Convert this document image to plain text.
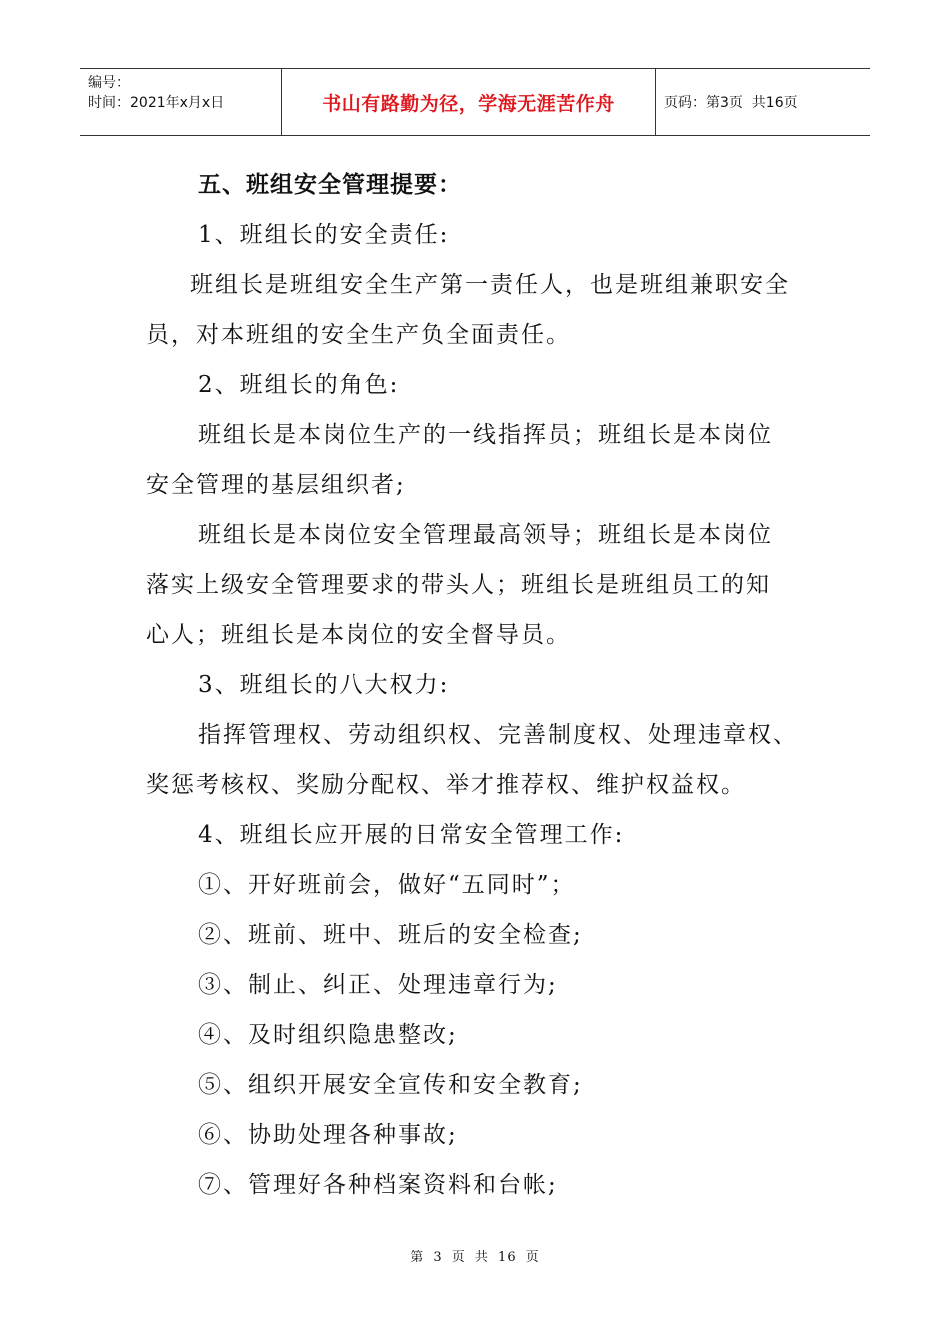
编号：
时间：2021年x月x日	书山有路勤为径，学海无涯苦作舟	页码：第3页  共16页

五、班组安全管理提要：

1、班组长的安全责任:

班组长是班组安全生产第一责任人，也是班组兼职安全

员，对本班组的安全生产负全面责任。

2、班组长的角色:

班组长是本岗位生产的一线指挥员；班组长是本岗位

安全管理的基层组织者;

班组长是本岗位安全管理最高领导；班组长是本岗位

落实上级安全管理要求的带头人；班组长是班组员工的知

心人；班组长是本岗位的安全督导员。

3、班组长的八大权力:

指挥管理权、劳动组织权、完善制度权、处理违章权、

奖惩考核权、奖励分配权、举才推荐权、维护权益权。

4、班组长应开展的日常安全管理工作:

①、开好班前会，做好“五同时”；

②、班前、班中、班后的安全检查;

③、制止、纠正、处理违章行为;

④、及时组织隐患整改;

⑤、组织开展安全宣传和安全教育;

⑥、协助处理各种事故;

⑦、管理好各种档案资料和台帐;

第 3 页 共 16 页
